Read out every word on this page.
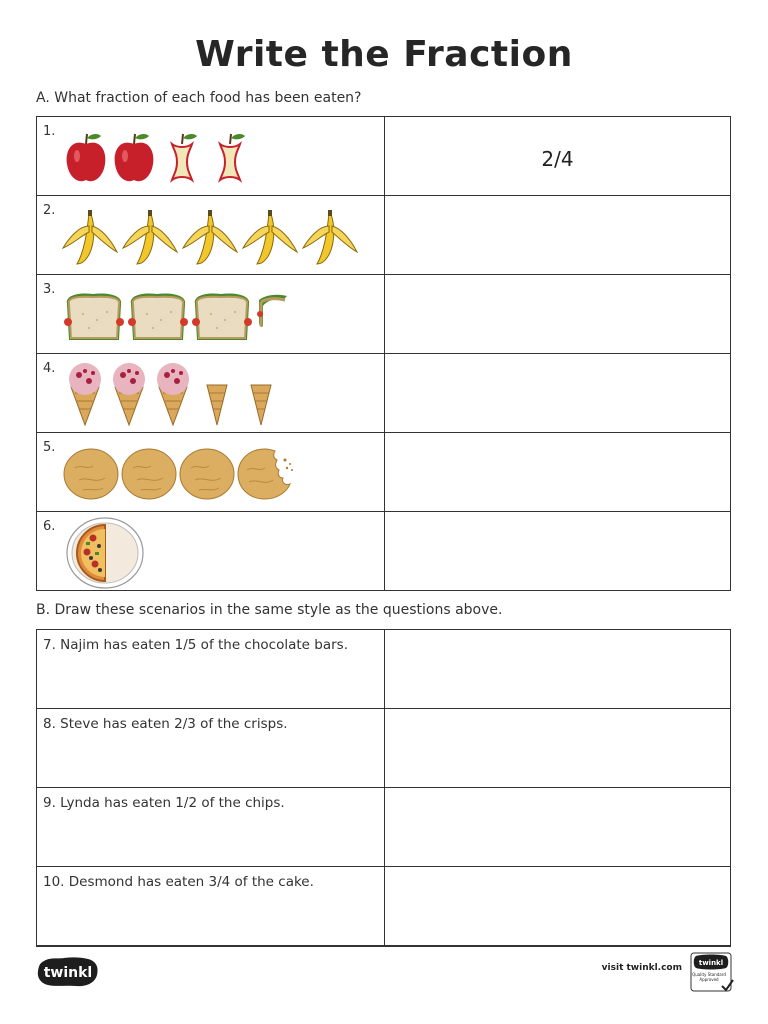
Write the Fraction
A. What fraction of each food has been eaten?
1.	2/4

2.	

3.	

4.	

5.	

6.	

B. Draw these scenarios in the same style as the questions above.
7. Najim has eaten 1/5 of the chocolate bars.	

8. Steve has eaten 2/3 of the crisps.	

9. Lynda has eaten 1/2 of the chips.	

10. Desmond has eaten 3/4 of the cake.	

twinkl	visit twinkl.com twinkl
Quality Standard Approved
